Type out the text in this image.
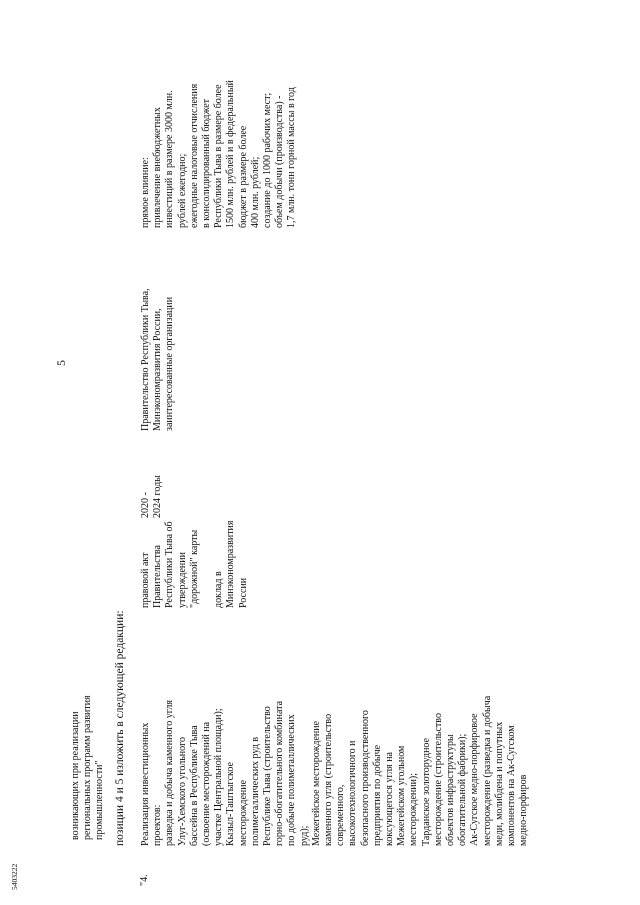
5
возникающих при реализации
региональных программ развития
промышленности" позиции 4 и 5 изложить в следующей редакции:
"4.
Реализация инвестиционных
проектов:
разведка и добыча каменного угля
Улуг-Хемского угольного
бассейна в Республике Тыва
(освоение месторождений на
участке Центральной площади);
Кызыл-Таштыгское
месторождение
полиметаллических руд в
Республике Тыва (строительство
горно-обогатительного комбината
по добыче полиметаллических
руд);
Межегейское месторождение
каменного угля (строительство
современного,
высокотехнологичного и
безопасного производственного
предприятия по добыче
коксующегося угля на
Межегейском угольном
месторождении);
Тарданское золоторудное
месторождение (строительство
объектов инфраструктуры
обогатительной фабрики);
Ак-Сугское медно-порфировое
месторождение (разведка и добыча
меди, молибдена и попутных
компонентов на Ак-Сугском
медно-порфиров
правовой акт
Правительства
Республики Тыва об
утверждении
"дорожной" карты

доклад в
Минэкономразвития
России
2020 -
2024 годы
Правительство Республики Тыва,
Минэкономразвития России,
заинтересованные организации
прямое влияние:
привлечение внебюджетных
инвестиций в размере 3000 млн.
рублей ежегодно;
ежегодные налоговые отчисления
в консолидированный бюджет
Республики Тыва в размере более
1500 млн. рублей и в федеральный
бюджет в размере более
400 млн. рублей;
создание до 1000 рабочих мест;
объем добычи (производства) -
1,7 млн. тонн горной массы в год
5403222
